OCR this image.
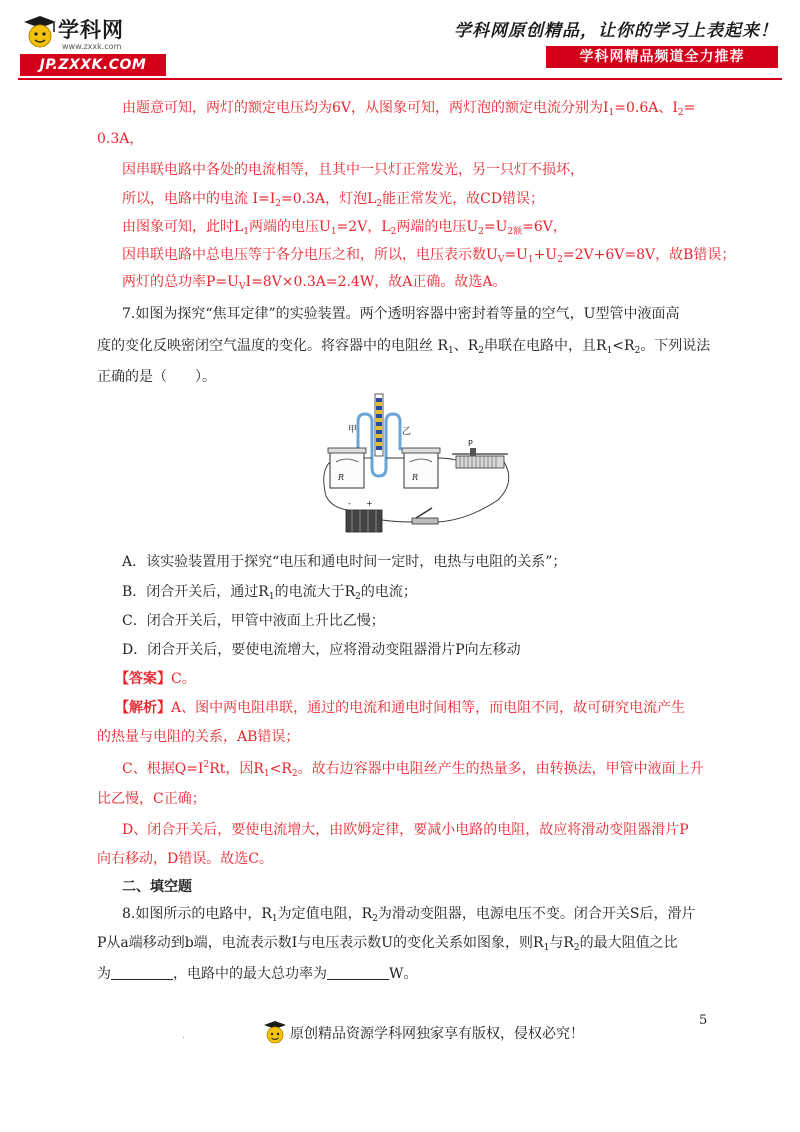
学科网
www.zxxk.com
JP.ZXXK.COM
学科网原创精品，让你的学习上表起来！
学科网精品频道全力推荐
由题意可知，两灯的额定电压均为6V，从图象可知，两灯泡的额定电流分别为$I_1=0.6A$、$I_2=$
0.3A，
因串联电路中各处的电流相等，且其中一只灯正常发光，另一只灯不损坏，
所以，电路中的电流 $I=I_2=0.3A$，灯泡$L_2$能正常发光，故CD错误；
由图象可知，此时$L_1$两端的电压$U_1=2V$，$L_2$两端的电压$U_2=U_{2额}=6V$，
因串联电路中总电压等于各分电压之和，所以，电压表示数$U_V=U_1+U_2=2V+6V=8V$，故B错误；
两灯的总功率$P=U_VI=8V\times 0.3A=2.4W$，故A正确。故选A。
7.如图为探究“焦耳定律”的实验装置。两个透明容器中密封着等量的空气，U型管中液面高
度的变化反映密闭空气温度的变化。将容器中的电阻丝 $R_1$、$R_2$串联在电路中，且$R_1<R_2$。下列说法
正确的是（　　）。
甲	乙
R	R
P
+
-
A．该实验装置用于探究“电压和通电时间一定时，电热与电阻的关系”；
B．闭合开关后，通过$R_1$的电流大于$R_2$的电流；
C．闭合开关后，甲管中液面上升比乙慢；
D．闭合开关后，要使电流增大，应将滑动变阻器滑片P向左移动
【答案】C。
【解析】A、图中两电阻串联，通过的电流和通电时间相等，而电阻不同，故可研究电流产生
的热量与电阻的关系，AB错误；
C、根据$Q=I^2Rt$，因$R_1<R_2$。故右边容器中电阻丝产生的热量多，由转换法，甲管中液面上升
比乙慢，C正确；
D、闭合开关后，要使电流增大，由欧姆定律，要减小电路的电阻，故应将滑动变阻器滑片P
向右移动，D错误。故选C。
二、填空题
8.如图所示的电路中，$R_1$为定值电阻，$R_2$为滑动变阻器，电源电压不变。闭合开关S后，滑片
P从a端移动到b端，电流表示数I与电压表示数U的变化关系如图象，则$R_1$与$R_2$的最大阻值之比
为	，电路中的最大总功率为	W。
5
.	原创精品资源学科网独家享有版权，侵权必究！
